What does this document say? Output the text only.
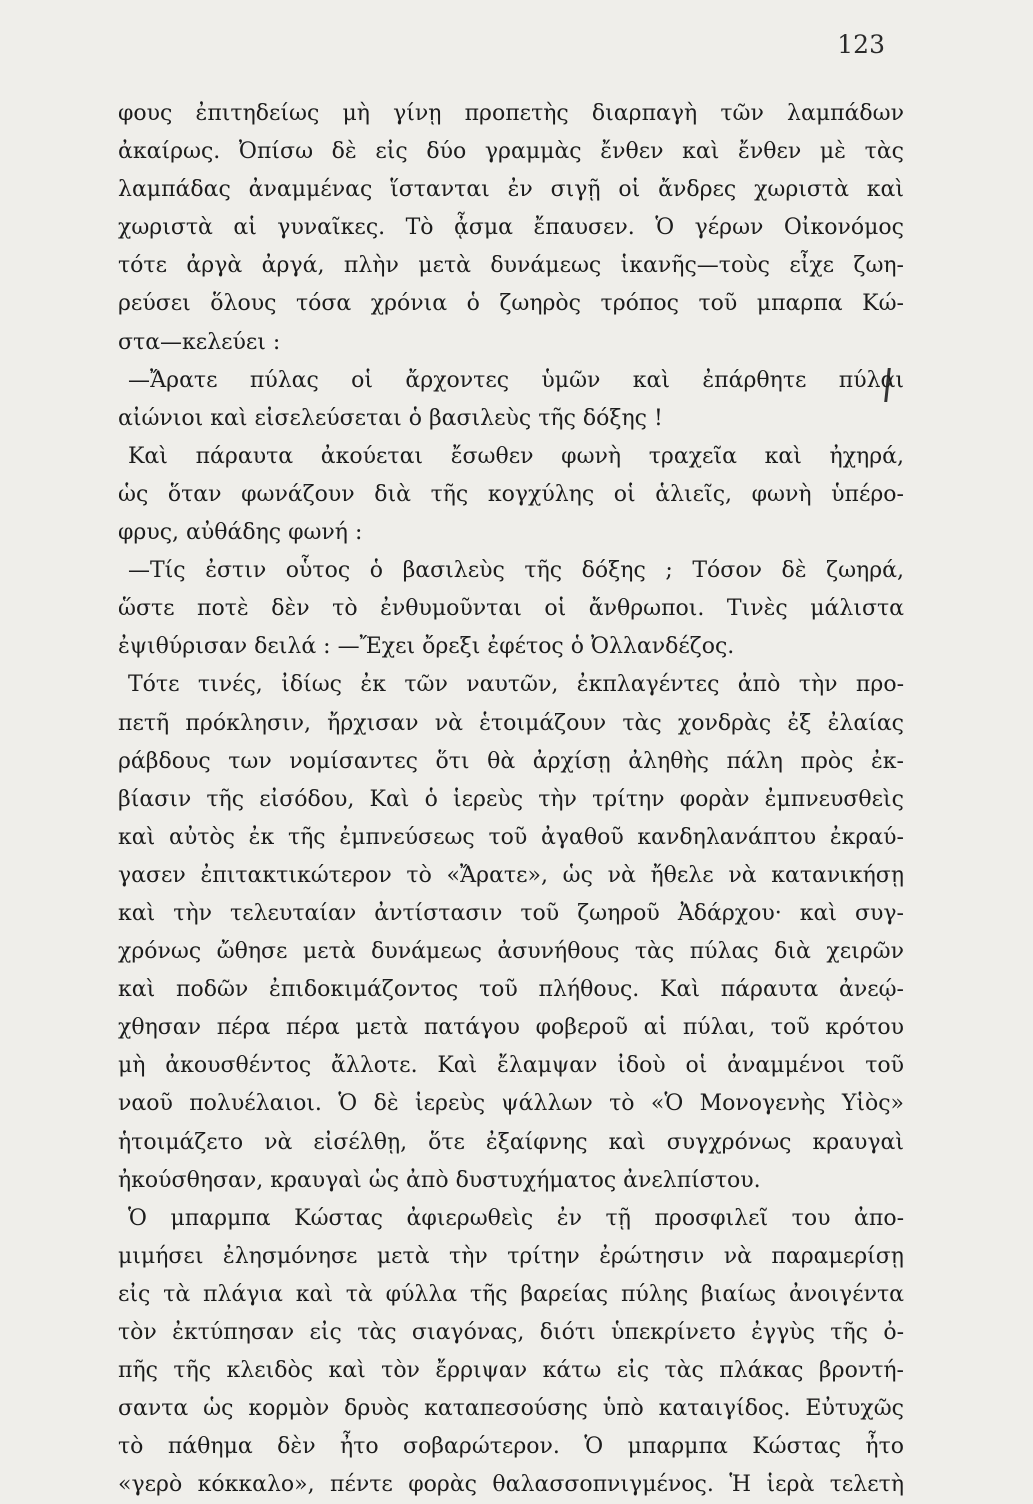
123
φους ἐπιτηδείως μὴ γίνῃ προπετὴς διαρπαγὴ τῶν λαμπάδων
ἀκαίρως. Ὀπίσω δὲ εἰς δύο γραμμὰς ἔνθεν καὶ ἔνθεν μὲ τὰς
λαμπάδας ἀναμμένας ἵστανται ἐν σιγῇ οἱ ἄνδρες χωριστὰ καὶ
χωριστὰ αἱ γυναῖκες. Τὸ ᾆσμα ἔπαυσεν. Ὁ γέρων Οἰκονόμος
τότε ἀργὰ ἀργά, πλὴν μετὰ δυνάμεως ἱκανῆς—τοὺς εἶχε ζωη-
ρεύσει ὅλους τόσα χρόνια ὁ ζωηρὸς τρόπος τοῦ μπαρπα Κώ-
στα—κελεύει :
—Ἄρατε πύλας οἱ ἄρχοντες ὑμῶν καὶ ἐπάρθητε πύλαι
αἰώνιοι καὶ εἰσελεύσεται ὁ βασιλεὺς τῆς δόξης !
Καὶ πάραυτα ἀκούεται ἔσωθεν φωνὴ τραχεῖα καὶ ἠχηρά,
ὡς ὅταν φωνάζουν διὰ τῆς κογχύλης οἱ ἁλιεῖς, φωνὴ ὑπέρο-
φρυς, αὐθάδης φωνή :
—Τίς ἐστιν οὗτος ὁ βασιλεὺς τῆς δόξης ; Τόσον δὲ ζωηρά,
ὥστε ποτὲ δὲν τὸ ἐνθυμοῦνται οἱ ἄνθρωποι. Τινὲς μάλιστα
ἐψιθύρισαν δειλά : —Ἔχει ὄρεξι ἐφέτος ὁ Ὀλλανδέζος.
Τότε τινές, ἰδίως ἐκ τῶν ναυτῶν, ἐκπλαγέντες ἀπὸ τὴν προ-
πετῆ πρόκλησιν, ἤρχισαν νὰ ἑτοιμάζουν τὰς χονδρὰς ἐξ ἐλαίας
ράβδους των νομίσαντες ὅτι θὰ ἀρχίσῃ ἀληθὴς πάλη πρὸς ἐκ-
βίασιν τῆς εἰσόδου, Καὶ ὁ ἱερεὺς τὴν τρίτην φορὰν ἐμπνευσθεὶς
καὶ αὐτὸς ἐκ τῆς ἐμπνεύσεως τοῦ ἀγαθοῦ κανδηλανάπτου ἐκραύ-
γασεν ἐπιτακτικώτερον τὸ «Ἄρατε», ὡς νὰ ἤθελε νὰ κατανικήσῃ
καὶ τὴν τελευταίαν ἀντίστασιν τοῦ ζωηροῦ Ἀδάρχου· καὶ συγ-
χρόνως ὤθησε μετὰ δυνάμεως ἀσυνήθους τὰς πύλας διὰ χειρῶν
καὶ ποδῶν ἐπιδοκιμάζοντος τοῦ πλήθους. Καὶ πάραυτα ἀνεῴ-
χθησαν πέρα πέρα μετὰ πατάγου φοβεροῦ αἱ πύλαι, τοῦ κρότου
μὴ ἀκουσθέντος ἄλλοτε. Καὶ ἔλαμψαν ἰδοὺ οἱ ἀναμμένοι τοῦ
ναοῦ πολυέλαιοι. Ὁ δὲ ἱερεὺς ψάλλων τὸ «Ὁ Μονογενὴς Υἱὸς»
ἡτοιμάζετο νὰ εἰσέλθῃ, ὅτε ἐξαίφνης καὶ συγχρόνως κραυγαὶ
ἠκούσθησαν, κραυγαὶ ὡς ἀπὸ δυστυχήματος ἀνελπίστου.
Ὁ μπαρμπα Κώστας ἀφιερωθεὶς ἐν τῇ προσφιλεῖ του ἀπο-
μιμήσει ἐλησμόνησε μετὰ τὴν τρίτην ἐρώτησιν νὰ παραμερίσῃ
εἰς τὰ πλάγια καὶ τὰ φύλλα τῆς βαρείας πύλης βιαίως ἀνοιγέντα
τὸν ἐκτύπησαν εἰς τὰς σιαγόνας, διότι ὑπεκρίνετο ἐγγὺς τῆς ὀ-
πῆς τῆς κλειδὸς καὶ τὸν ἔρριψαν κάτω εἰς τὰς πλάκας βροντή-
σαντα ὡς κορμὸν δρυὸς καταπεσούσης ὑπὸ καταιγίδος. Εὐτυχῶς
τὸ πάθημα δὲν ἦτο σοβαρώτερον. Ὁ μπαρμπα Κώστας ἦτο
«γερὸ κόκκαλο», πέντε φορὰς θαλασσοπνιγμένος. Ἡ ἱερὰ τελετὴ
